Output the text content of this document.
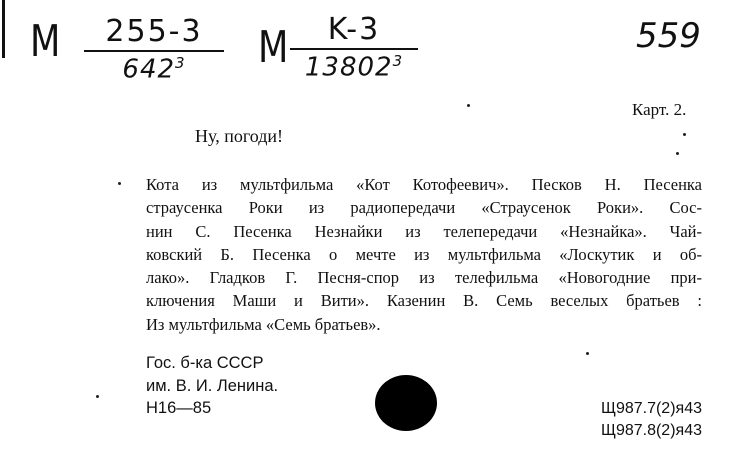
M	255-3
$642^3$	M	K-3
13802$^3$
559
Карт. 2.
Ну, погоди!
Кота из мультфильма «Кот Котофеевич». Песков Н. Песенка
страусенка Роки из радиопередачи «Страусенок Роки». Сос-
нин С. Песенка Незнайки из телепередачи «Незнайка». Чай-
ковский Б. Песенка о мечте из мультфильма «Лоскутик и об-
лако». Гладков Г. Песня-спор из телефильма «Новогодние при-
ключения Маши и Вити». Казенин В. Семь веселых братьев :
Из мультфильма «Семь братьев».
Гос. б-ка СССР
им. В. И. Ленина.
Н16—85	Щ987.7(2)я43
Щ987.8(2)я43
